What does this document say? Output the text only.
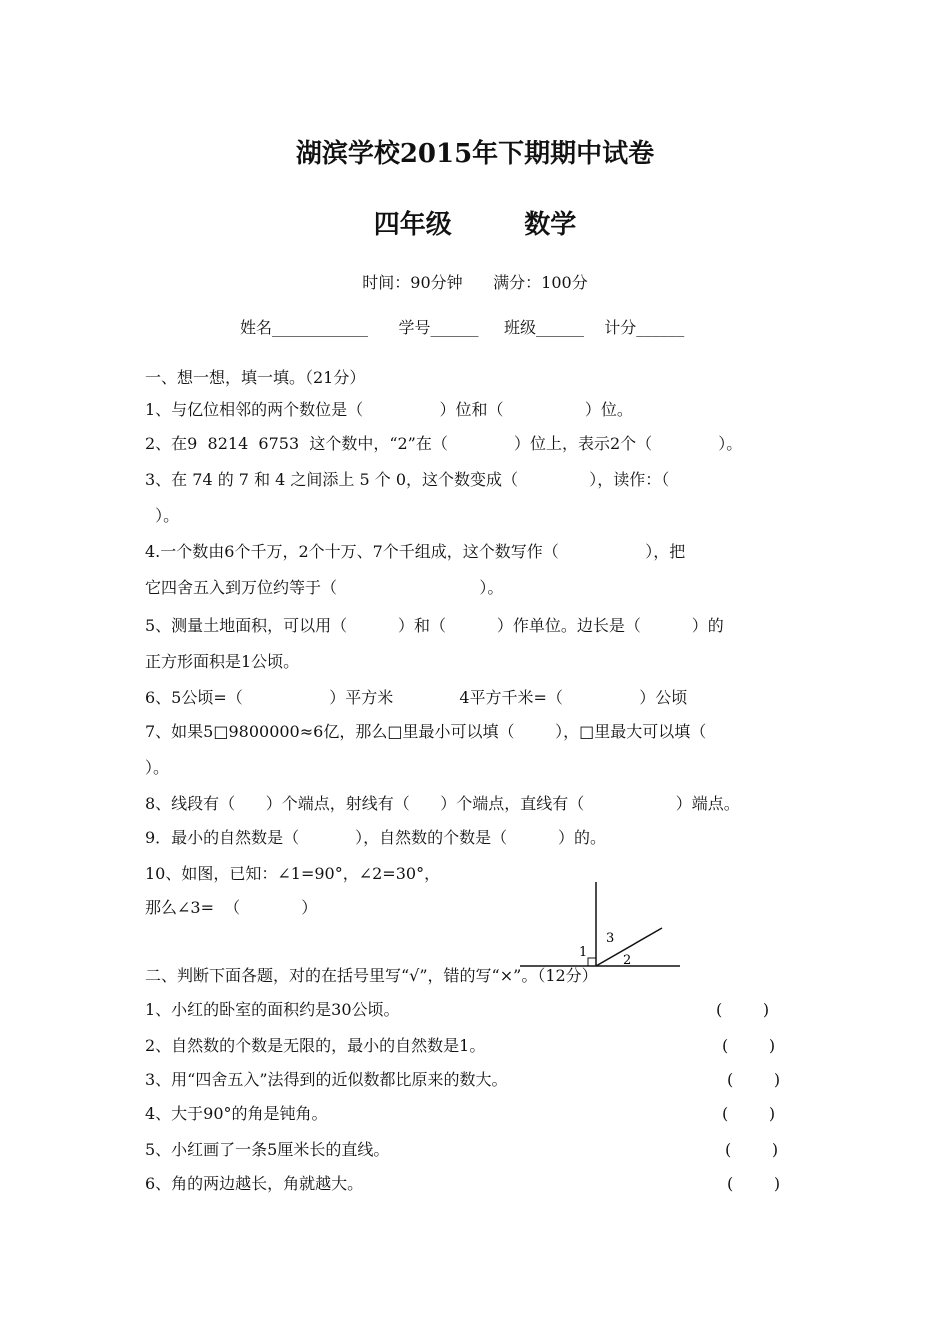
湖滨学校2015年下期期中试卷
四年级        数学
时间：90分钟      满分：100分
姓名____________      学号______     班级______    计分______
一、想一想，填一填。（21分）
1、与亿位相邻的两个数位是（               ）位和（                ）位。
2、在9  8214  6753  这个数中，“2”在（             ）位上，表示2个（             ）。
3、在 74 的 7 和 4 之间添上 5 个 0，这个数变成（              ），读作：（
）。
4.一个数由6个千万，2个十万、7个千组成，这个数写作（                 ），把
它四舍五入到万位约等于（                            ）。
5、测量土地面积，可以用（          ）和（          ）作单位。边长是（          ）的
正方形面积是1公顷。
6、5公顷=（                 ）平方米             4平方千米=（               ）公顷
7、如果5□9800000≈6亿，那么□里最小可以填（        ），□里最大可以填（
）。
8、线段有（      ）个端点，射线有（      ）个端点，直线有（                  ）端点。
9．最小的自然数是（           ），自然数的个数是（          ）的。
10、如图，已知：∠1=90°，∠2=30°，
那么∠3=  （            ）
1
3
2
二、判断下面各题，对的在括号里写“√”，错的写“×”。（12分）
1、小红的卧室的面积约是30公顷。	(        )
2、自然数的个数是无限的，最小的自然数是1。	(        )
3、用“四舍五入”法得到的近似数都比原来的数大。	(        )
4、大于90°的角是钝角。	(        )
5、小红画了一条5厘米长的直线。	(        )
6、角的两边越长，角就越大。	(        )
